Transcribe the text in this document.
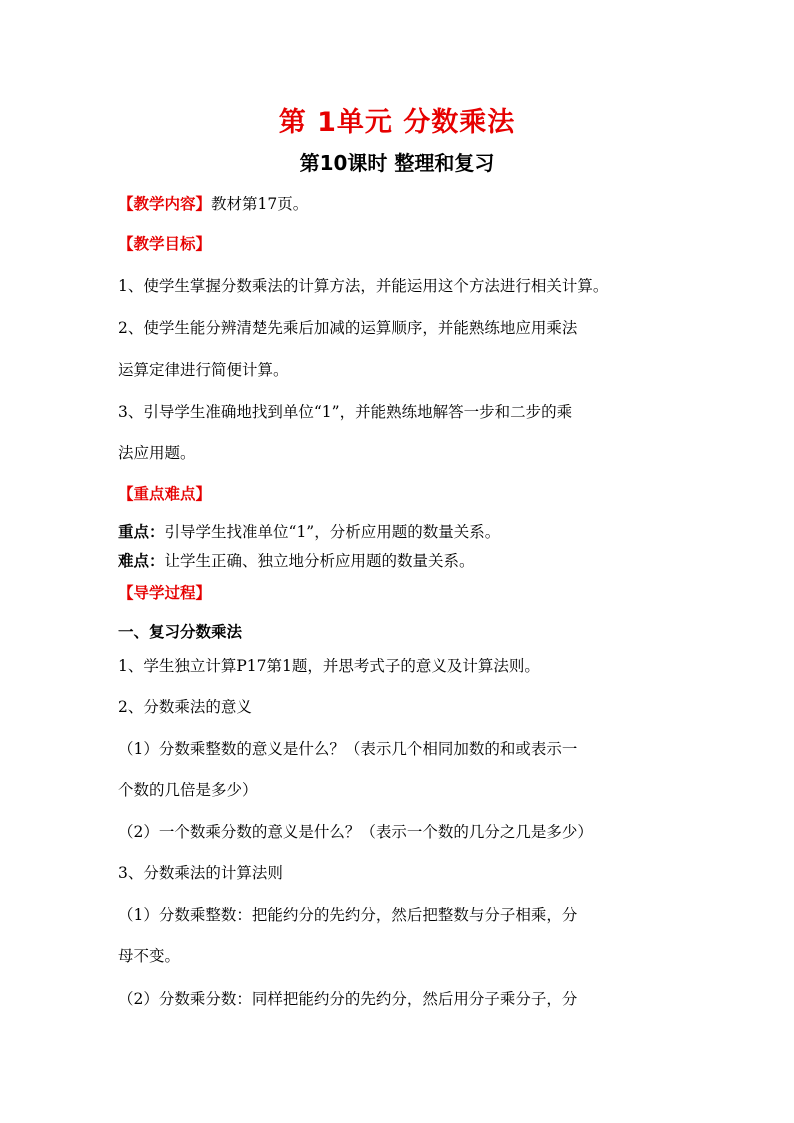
第 1单元 分数乘法
第10课时 整理和复习
【教学内容】教材第17页。
【教学目标】
1、使学生掌握分数乘法的计算方法，并能运用这个方法进行相关计算。
2、使学生能分辨清楚先乘后加减的运算顺序，并能熟练地应用乘法
运算定律进行简便计算。
3、引导学生准确地找到单位“1”，并能熟练地解答一步和二步的乘
法应用题。
【重点难点】
重点：引导学生找准单位“1”，分析应用题的数量关系。
难点：让学生正确、独立地分析应用题的数量关系。
【导学过程】
一、复习分数乘法
1、学生独立计算P17第1题，并思考式子的意义及计算法则。
2、分数乘法的意义
（1）分数乘整数的意义是什么？（表示几个相同加数的和或表示一
个数的几倍是多少）
（2）一个数乘分数的意义是什么？（表示一个数的几分之几是多少）
3、分数乘法的计算法则
（1）分数乘整数：把能约分的先约分，然后把整数与分子相乘，分
母不变。
（2）分数乘分数：同样把能约分的先约分，然后用分子乘分子，分
